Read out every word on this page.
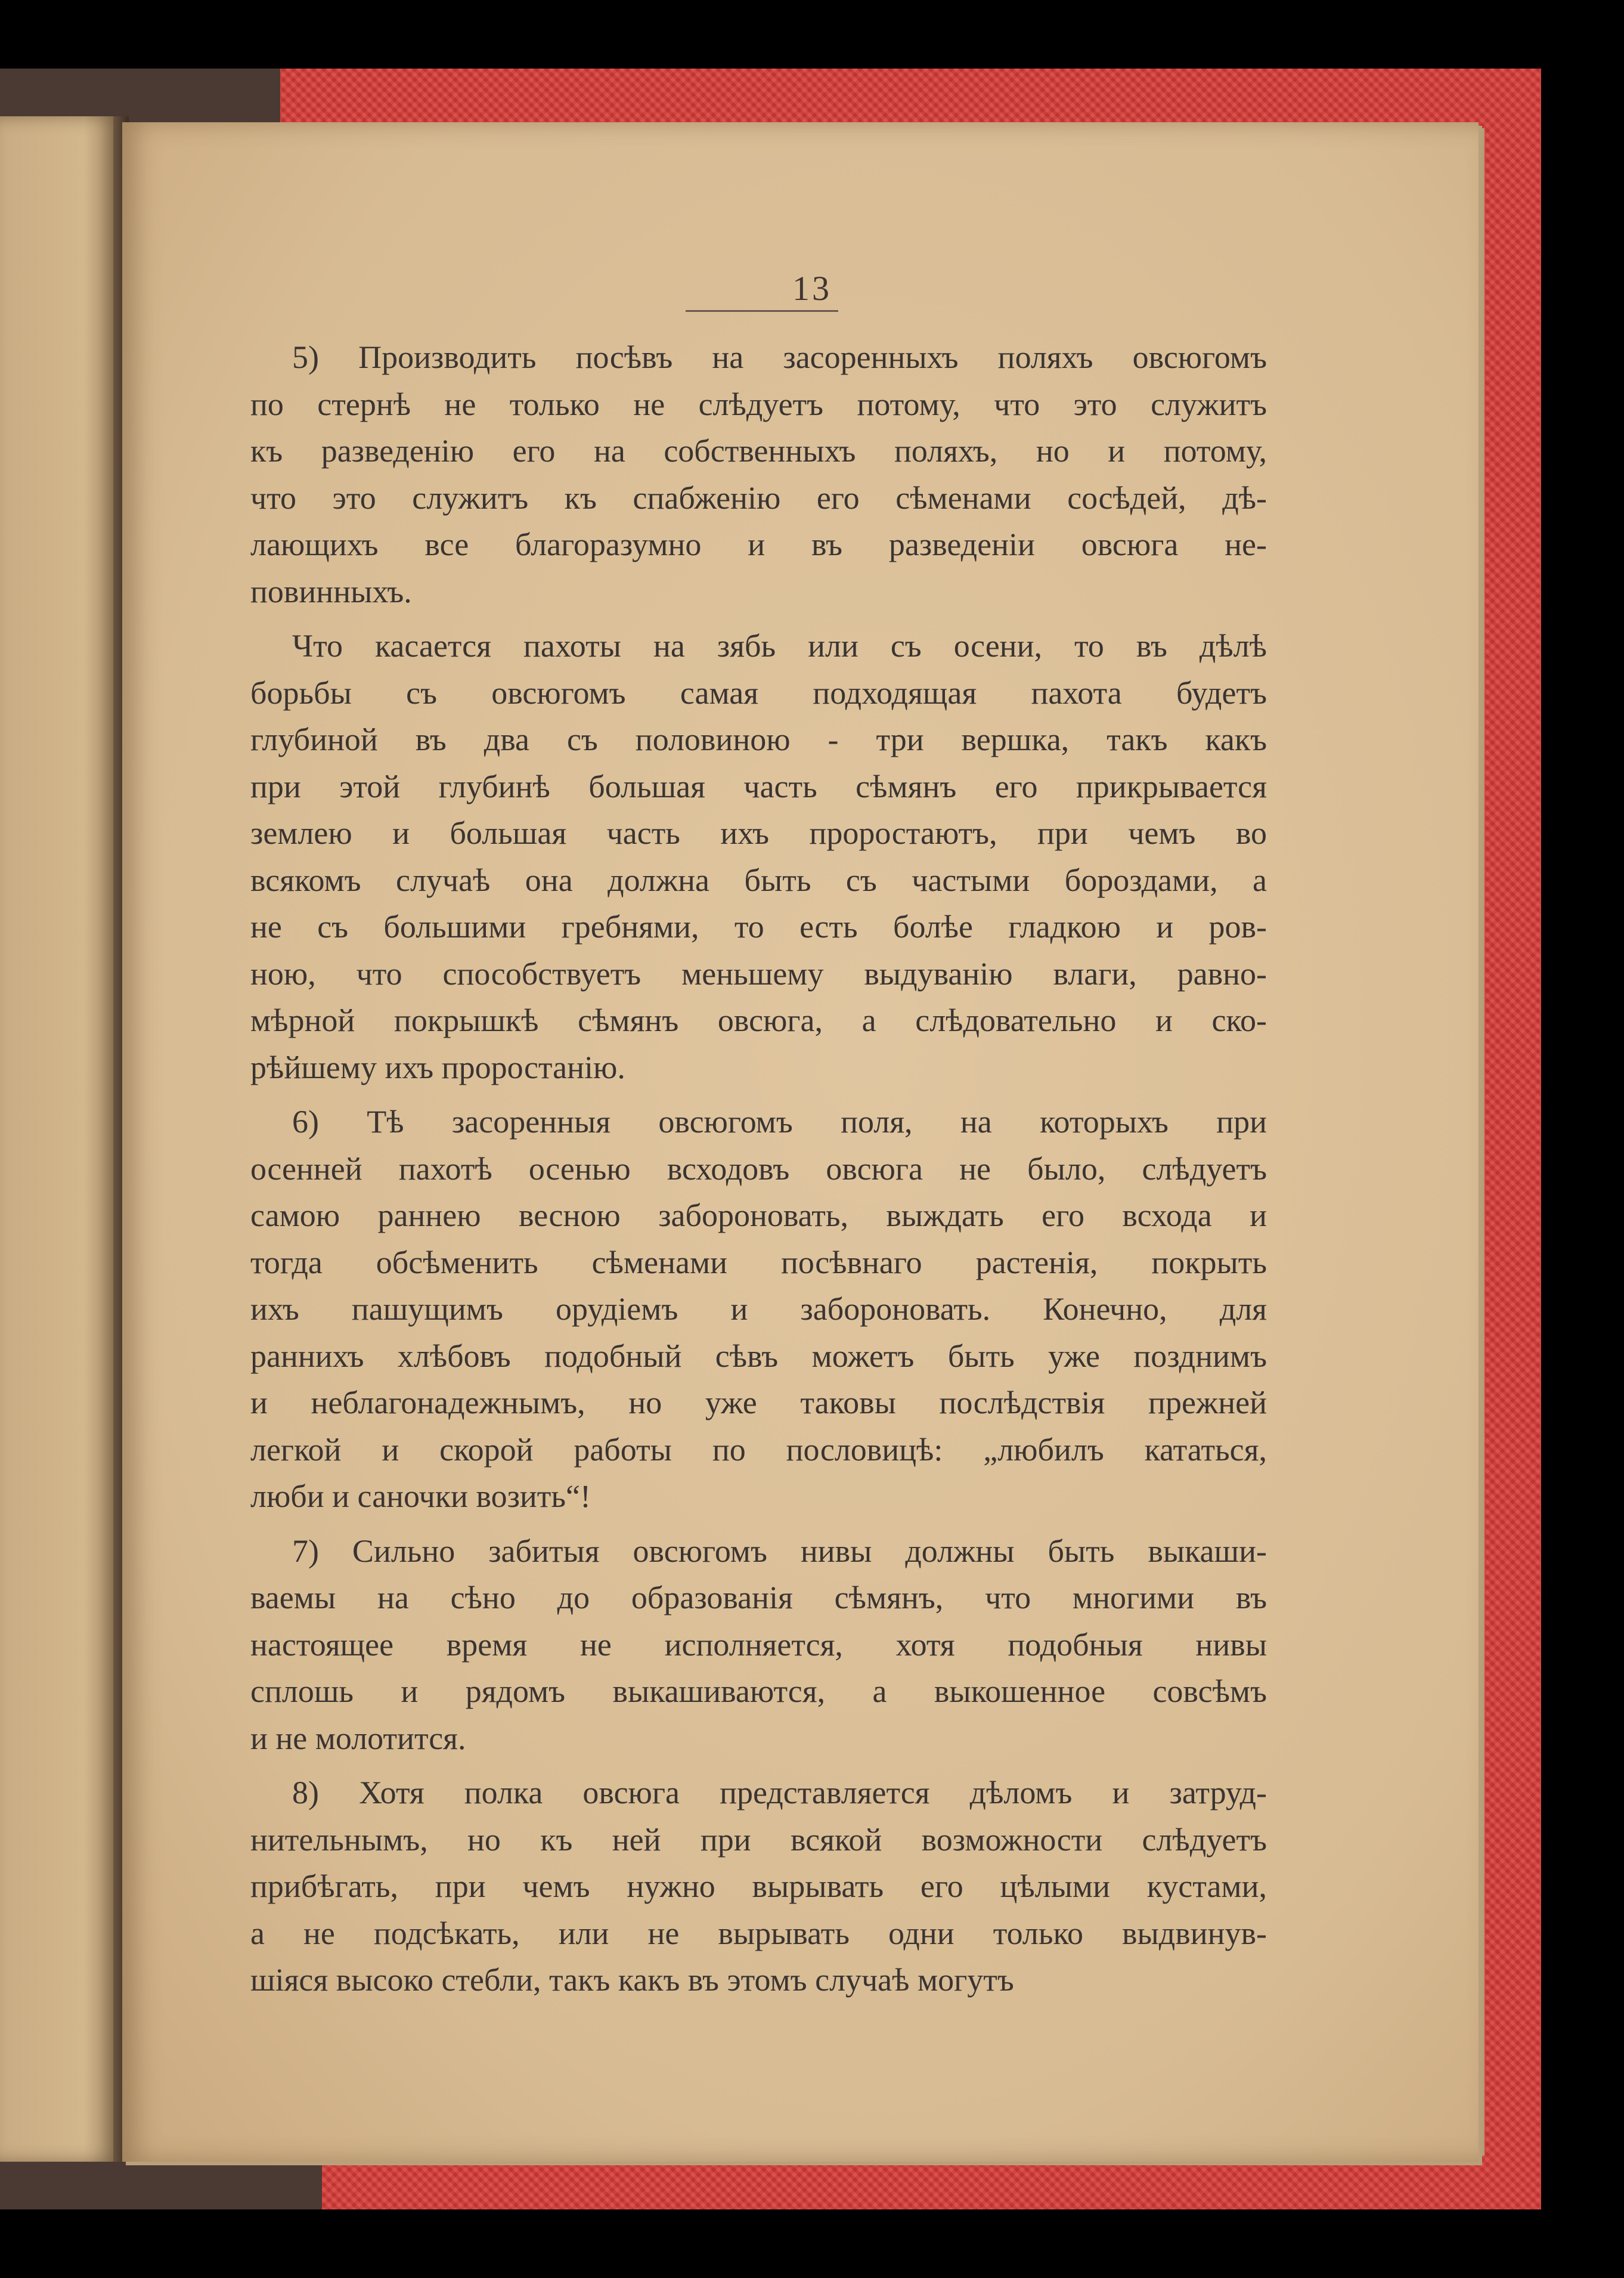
13
5) Производить посѣвъ на засоренныхъ поляхъ овсюгомъ
по стернѣ не только не слѣдуетъ потому, что это служитъ
къ разведенію его на собственныхъ поляхъ, но и потому,
что это служитъ къ спабженію его сѣменами сосѣдей, дѣ-
лающихъ все благоразумно и въ разведеніи овсюга не-
повинныхъ.
Что касается пахоты на зябь или съ осени, то въ дѣлѣ
борьбы съ овсюгомъ самая подходящая пахота будетъ
глубиной въ два съ половиною - три вершка, такъ какъ
при этой глубинѣ большая часть сѣмянъ его прикрывается
землею и большая часть ихъ проростаютъ, при чемъ во
всякомъ случаѣ она должна быть съ частыми бороздами, а
не съ большими гребнями, то есть болѣе гладкою и ров-
ною, что способствуетъ меньшему выдуванію влаги, равно-
мѣрной покрышкѣ сѣмянъ овсюга, а слѣдовательно и ско-
рѣйшему ихъ проростанію.
6) Тѣ засоренныя овсюгомъ поля, на которыхъ при
осенней пахотѣ осенью всходовъ овсюга не было, слѣдуетъ
самою раннею весною забороновать, выждать его всхода и
тогда обсѣменить сѣменами посѣвнаго растенія, покрыть
ихъ пашущимъ орудіемъ и забороновать. Конечно, для
раннихъ хлѣбовъ подобный сѣвъ можетъ быть уже позднимъ
и неблагонадежнымъ, но уже таковы послѣдствія прежней
легкой и скорой работы по пословицѣ: „любилъ кататься,
люби и саночки возить“!
7) Сильно забитыя овсюгомъ нивы должны быть выкаши-
ваемы на сѣно до образованія сѣмянъ, что многими въ
настоящее время не исполняется, хотя подобныя нивы
сплошь и рядомъ выкашиваются, а выкошенное совсѣмъ
и не молотится.
8) Хотя полка овсюга представляется дѣломъ и затруд-
нительнымъ, но къ ней при всякой возможности слѣдуетъ
прибѣгать, при чемъ нужно вырывать его цѣлыми кустами,
а не подсѣкать, или не вырывать одни только выдвинув-
шіяся высоко стебли, такъ какъ въ этомъ случаѣ могутъ
